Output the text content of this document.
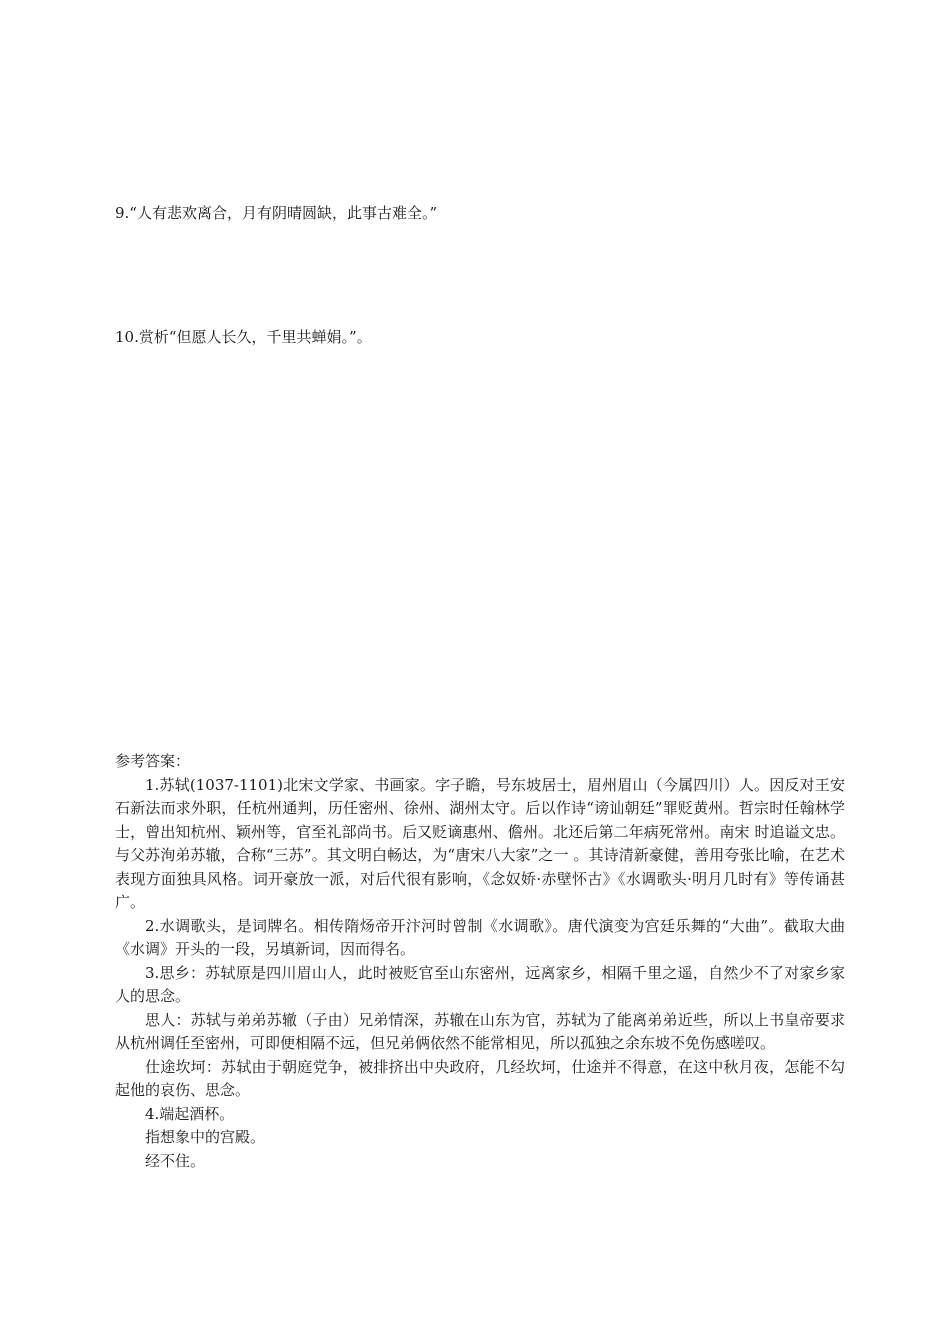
9.“人有悲欢离合，月有阴晴圆缺，此事古难全。”

10.赏析“但愿人长久，千里共蝉娟。”。

参考答案：

1.苏轼(1037-1101)北宋文学家、书画家。字子瞻，号东坡居士，眉州眉山（今属四川）人。因反对王安石新法而求外职，任杭州通判，历任密州、徐州、湖州太守。后以作诗“谤讪朝廷”罪贬黄州。哲宗时任翰林学士，曾出知杭州、颖州等，官至礼部尚书。后又贬谪惠州、儋州。北还后第二年病死常州。南宋 时追谥文忠。与父苏洵弟苏辙，合称“三苏”。其文明白畅达，为“唐宋八大家”之一 。其诗清新豪健，善用夸张比喻，在艺术表现方面独具风格。词开豪放一派，对后代很有影响，《念奴娇·赤壁怀古》《水调歌头·明月几时有》等传诵甚广。

2.水调歌头，是词牌名。相传隋炀帝开汴河时曾制《水调歌》。唐代演变为宫廷乐舞的“大曲”。截取大曲《水调》开头的一段，另填新词，因而得名。

3.思乡：苏轼原是四川眉山人，此时被贬官至山东密州，远离家乡，相隔千里之遥，自然少不了对家乡家人的思念。

思人：苏轼与弟弟苏辙（子由）兄弟情深，苏辙在山东为官，苏轼为了能离弟弟近些，所以上书皇帝要求从杭州调任至密州，可即便相隔不远，但兄弟俩依然不能常相见，所以孤独之余东坡不免伤感嗟叹。

仕途坎坷：苏轼由于朝庭党争，被排挤出中央政府，几经坎坷，仕途并不得意，在这中秋月夜，怎能不勾起他的哀伤、思念。

4.端起酒杯。

指想象中的宫殿。

经不住。
